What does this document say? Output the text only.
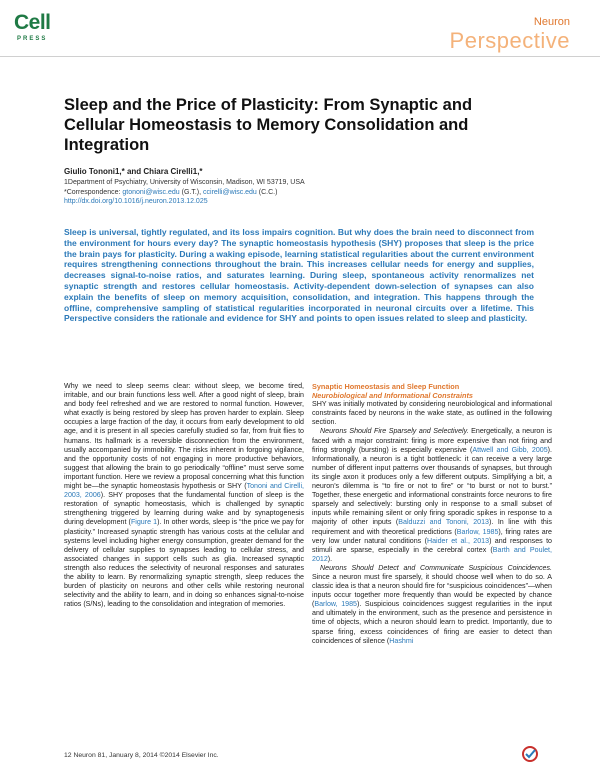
Cell
PRESS
Neuron
Perspective
Sleep and the Price of Plasticity: From Synaptic and Cellular Homeostasis to Memory Consolidation and Integration
Giulio Tononi1,* and Chiara Cirelli1,*
1Department of Psychiatry, University of Wisconsin, Madison, WI 53719, USA
*Correspondence: gtononi@wisc.edu (G.T.), ccirelli@wisc.edu (C.C.)
http://dx.doi.org/10.1016/j.neuron.2013.12.025
Sleep is universal, tightly regulated, and its loss impairs cognition. But why does the brain need to disconnect from the environment for hours every day? The synaptic homeostasis hypothesis (SHY) proposes that sleep is the price the brain pays for plasticity. During a waking episode, learning statistical regularities about the current environment requires strengthening connections throughout the brain. This increases cellular needs for energy and supplies, decreases signal-to-noise ratios, and saturates learning. During sleep, spontaneous activity renormalizes net synaptic strength and restores cellular homeostasis. Activity-dependent down-selection of synapses can also explain the benefits of sleep on memory acquisition, consolidation, and integration. This happens through the offline, comprehensive sampling of statistical regularities incorporated in neuronal circuits over a lifetime. This Perspective considers the rationale and evidence for SHY and points to open issues related to sleep and plasticity.

Why we need to sleep seems clear: without sleep, we become tired, irritable, and our brain functions less well. After a good night of sleep, brain and body feel refreshed and we are restored to normal function. However, what exactly is being restored by sleep has proven harder to explain. Sleep occupies a large fraction of the day, it occurs from early development to old age, and it is present in all species carefully studied so far, from fruit flies to humans. Its hallmark is a reversible disconnection from the environment, usually accompanied by immobility. The risks inherent in forgoing vigilance, and the opportunity costs of not engaging in more productive behaviors, suggest that allowing the brain to go periodically “offline” must serve some important function. Here we review a proposal concerning what this function might be—the synaptic homeostasis hypothesis or SHY (Tononi and Cirelli, 2003, 2006). SHY proposes that the fundamental function of sleep is the restoration of synaptic homeostasis, which is challenged by synaptic strengthening triggered by learning during wake and by synaptogenesis during development (Figure 1). In other words, sleep is “the price we pay for plasticity.” Increased synaptic strength has various costs at the cellular and systems level including higher energy consumption, greater demand for the delivery of cellular supplies to synapses leading to cellular stress, and associated changes in support cells such as glia. Increased synaptic strength also reduces the selectivity of neuronal responses and saturates the ability to learn. By renormalizing synaptic strength, sleep reduces the burden of plasticity on neurons and other cells while restoring neuronal selectivity and the ability to learn, and in doing so enhances signal-to-noise ratios (S/Ns), leading to the consolidation and integration of memories.

Synaptic Homeostasis and Sleep Function
Neurobiological and Informational Constraints

SHY was initially motivated by considering neurobiological and informational constraints faced by neurons in the wake state, as outlined in the following section.

Neurons Should Fire Sparsely and Selectively. Energetically, a neuron is faced with a major constraint: firing is more expensive than not firing and firing strongly (bursting) is especially expensive (Attwell and Gibb, 2005). Informationally, a neuron is a tight bottleneck: it can receive a very large number of different input patterns over thousands of synapses, but through its single axon it produces only a few different outputs. Simplifying a bit, a neuron’s dilemma is “to fire or not to fire” or “to burst or not to burst.” Together, these energetic and informational constraints force neurons to fire sparsely and selectively: bursting only in response to a small subset of inputs while remaining silent or only firing sporadic spikes in response to a majority of other inputs (Balduzzi and Tononi, 2013). In line with this requirement and with theoretical predictions (Barlow, 1985), firing rates are very low under natural conditions (Haider et al., 2013) and responses to stimuli are sparse, especially in the cerebral cortex (Barth and Poulet, 2012).

Neurons Should Detect and Communicate Suspicious Coincidences. Since a neuron must fire sparsely, it should choose well when to do so. A classic idea is that a neuron should fire for “suspicious coincidences”—when inputs occur together more frequently than would be expected by chance (Barlow, 1985). Suspicious coincidences suggest regularities in the input and ultimately in the environment, such as the presence and persistence in time of objects, which a neuron should learn to predict. Importantly, due to sparse firing, excess coincidences of firing are easier to detect than coincidences of silence (Hashmi

12 Neuron 81, January 8, 2014 ©2014 Elsevier Inc.
